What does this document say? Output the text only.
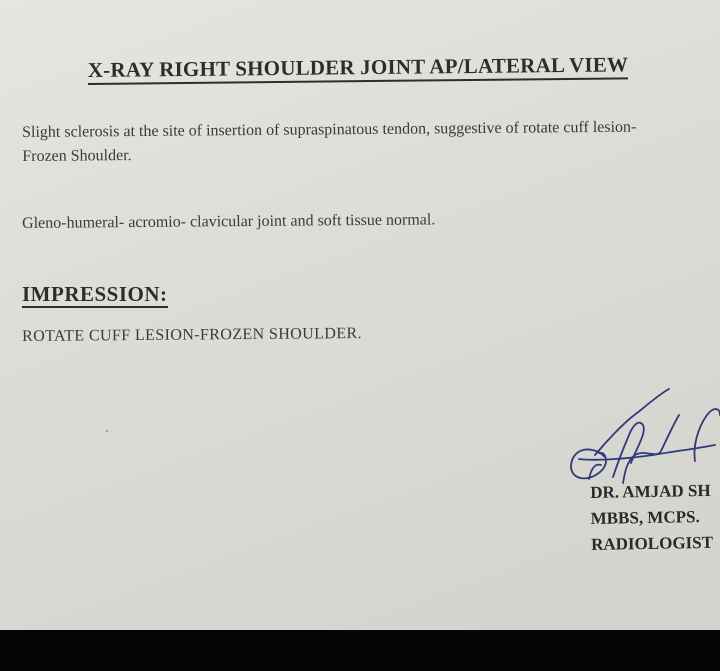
X-RAY RIGHT SHOULDER JOINT AP/LATERAL VIEW
Slight sclerosis at the site of insertion of supraspinatous tendon, suggestive of rotate cuff lesion-
Frozen Shoulder.
Gleno-humeral- acromio- clavicular joint and soft tissue normal.
IMPRESSION:
ROTATE CUFF LESION-FROZEN SHOULDER.
DR. AMJAD SH
MBBS, MCPS.
RADIOLOGIST
